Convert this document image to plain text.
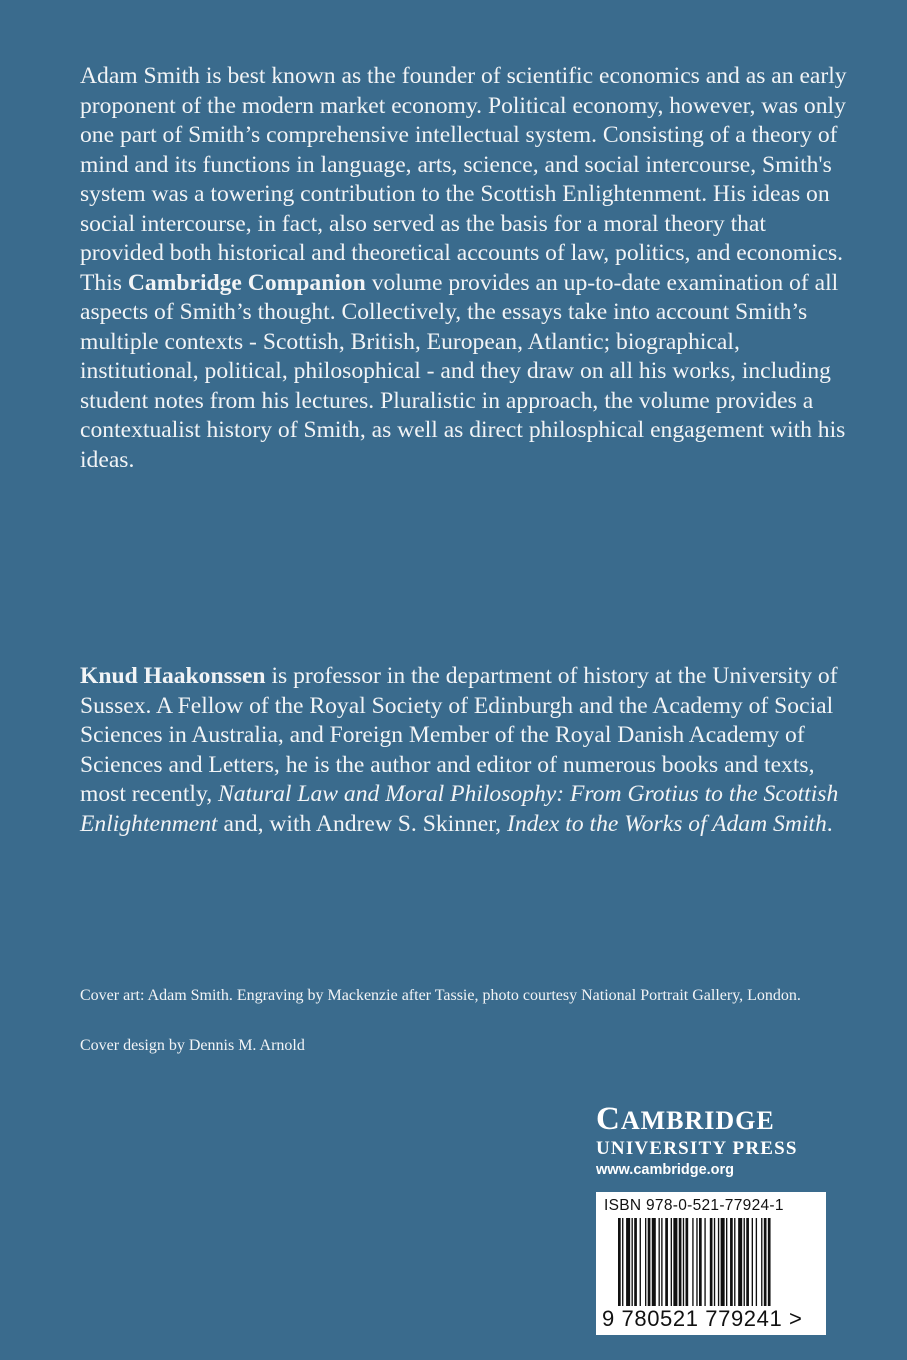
Adam Smith is best known as the founder of scientific economics and as an early proponent of the modern market economy. Political economy, however, was only one part of Smith’s comprehensive intellectual system. Consisting of a theory of mind and its functions in language, arts, science, and social intercourse, Smith's system was a towering contribution to the Scottish Enlightenment. His ideas on social intercourse, in fact, also served as the basis for a moral theory that provided both historical and theoretical accounts of law, politics, and economics. This Cambridge Companion volume provides an up-to-date examination of all aspects of Smith’s thought. Collectively, the essays take into account Smith’s multiple contexts - Scottish, British, European, Atlantic; biographical, institutional, political, philosophical - and they draw on all his works, including student notes from his lectures. Pluralistic in approach, the volume provides a contextualist history of Smith, as well as direct philosphical engagement with his ideas.

Knud Haakonssen is professor in the department of history at the University of Sussex. A Fellow of the Royal Society of Edinburgh and the Academy of Social Sciences in Australia, and Foreign Member of the Royal Danish Academy of Sciences and Letters, he is the author and editor of numerous books and texts, most recently, Natural Law and Moral Philosophy: From Grotius to the Scottish Enlightenment and, with Andrew S. Skinner, Index to the Works of Adam Smith.

Cover art: Adam Smith. Engraving by Mackenzie after Tassie, photo courtesy National Portrait Gallery, London.

Cover design by Dennis M. Arnold

CAMBRIDGE
UNIVERSITY PRESS
www.cambridge.org
ISBN 978-0-521-77924-1
9 780521 779241 >
